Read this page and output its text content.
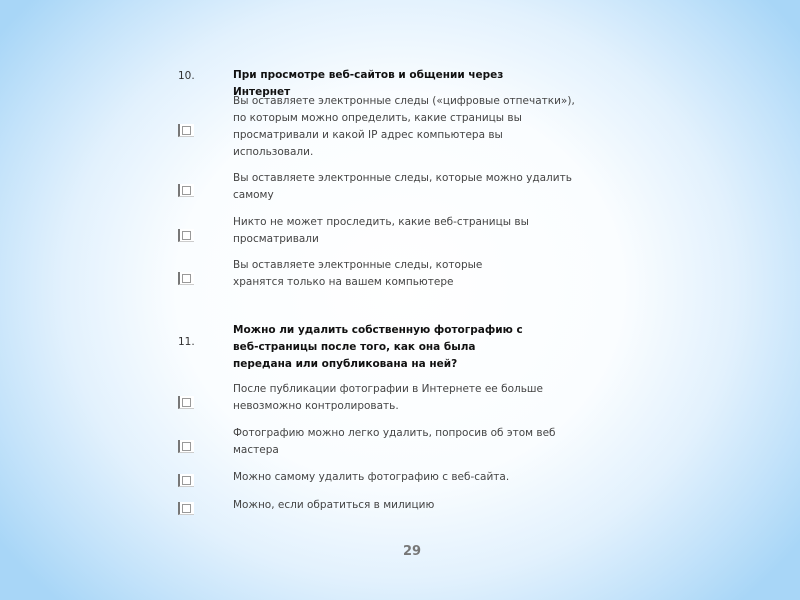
10.	При просмотре веб-сайтов и общении через Интернет
Вы оставляете электронные следы («цифровые отпечатки»), по которым можно определить, какие страницы вы просматривали и какой IP адрес компьютера вы использовали.
Вы оставляете электронные следы, которые можно удалить самому
Никто не может проследить, какие веб-страницы вы просматривали
Вы оставляете электронные следы, которые хранятся только на вашем компьютере
11.
Можно ли удалить собственную фотографию с веб-страницы после того, как она была передана или опубликована на ней?
После публикации фотографии в Интернете ее больше невозможно контролировать.
Фотографию можно легко удалить, попросив об этом веб мастера
Можно самому удалить фотографию с веб-сайта.
Можно, если обратиться в милицию
29
